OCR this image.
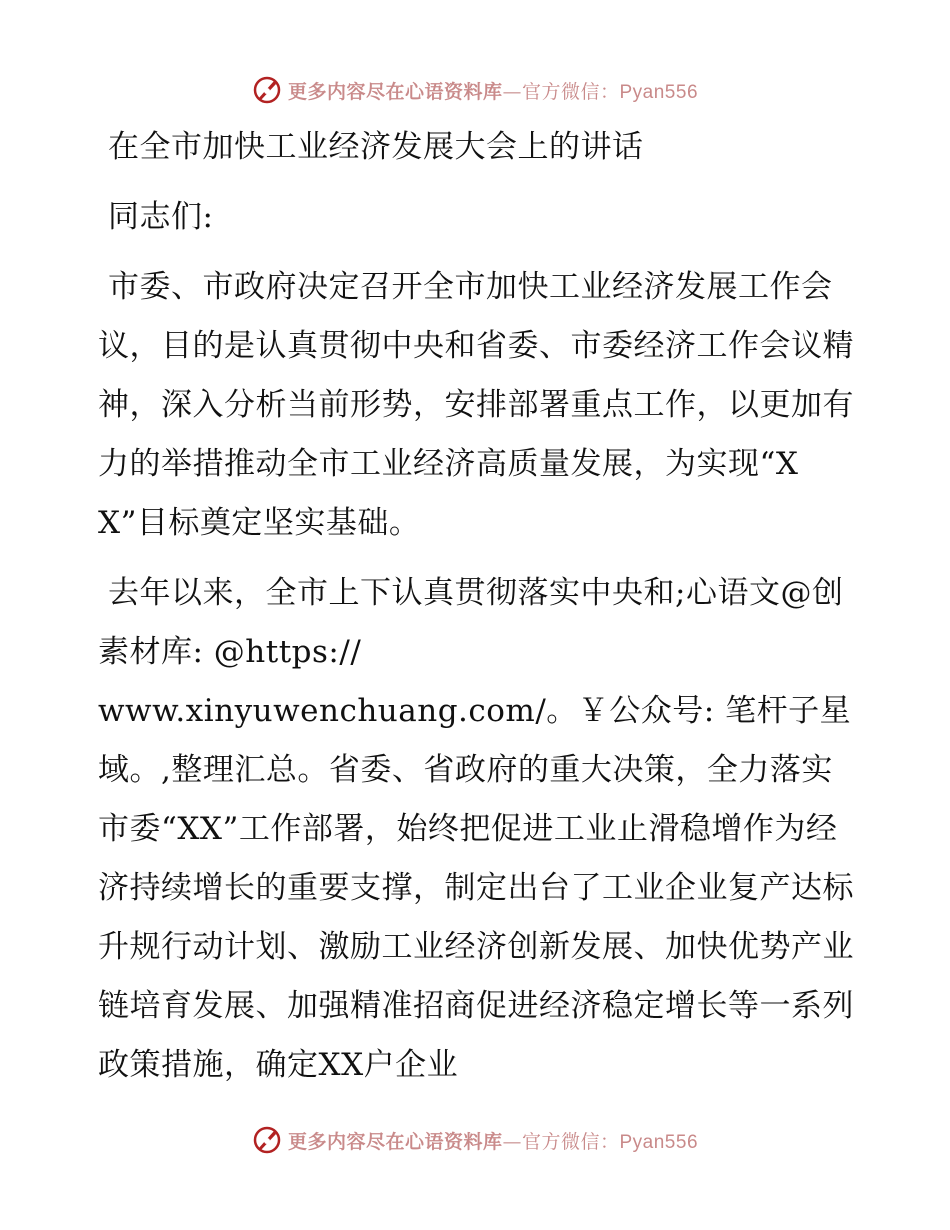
更多内容尽在心语资料库—官方微信：Pyan556

在全市加快工业经济发展大会上的讲话

同志们:

市委、市政府决定召开全市加快工业经济发展工作会议，目的是认真贯彻中央和省委、市委经济工作会议精神，深入分析当前形势，安排部署重点工作，以更加有力的举措推动全市工业经济高质量发展，为实现“XX”目标奠定坚实基础。

去年以来，全市上下认真贯彻落实中央和;心语文@创素材库: @https://

www.xinyuwenchuang.com/。￥公众号: 笔杆子星域。,整理汇总。省委、省政府的重大决策，全力落实市委“XX”工作部署，始终把促进工业止滑稳增作为经济持续增长的重要支撑，制定出台了工业企业复产达标升规行动计划、激励工业经济创新发展、加快优势产业链培育发展、加强精准招商促进经济稳定增长等一系列政策措施，确定XX户企业

更多内容尽在心语资料库—官方微信：Pyan556
